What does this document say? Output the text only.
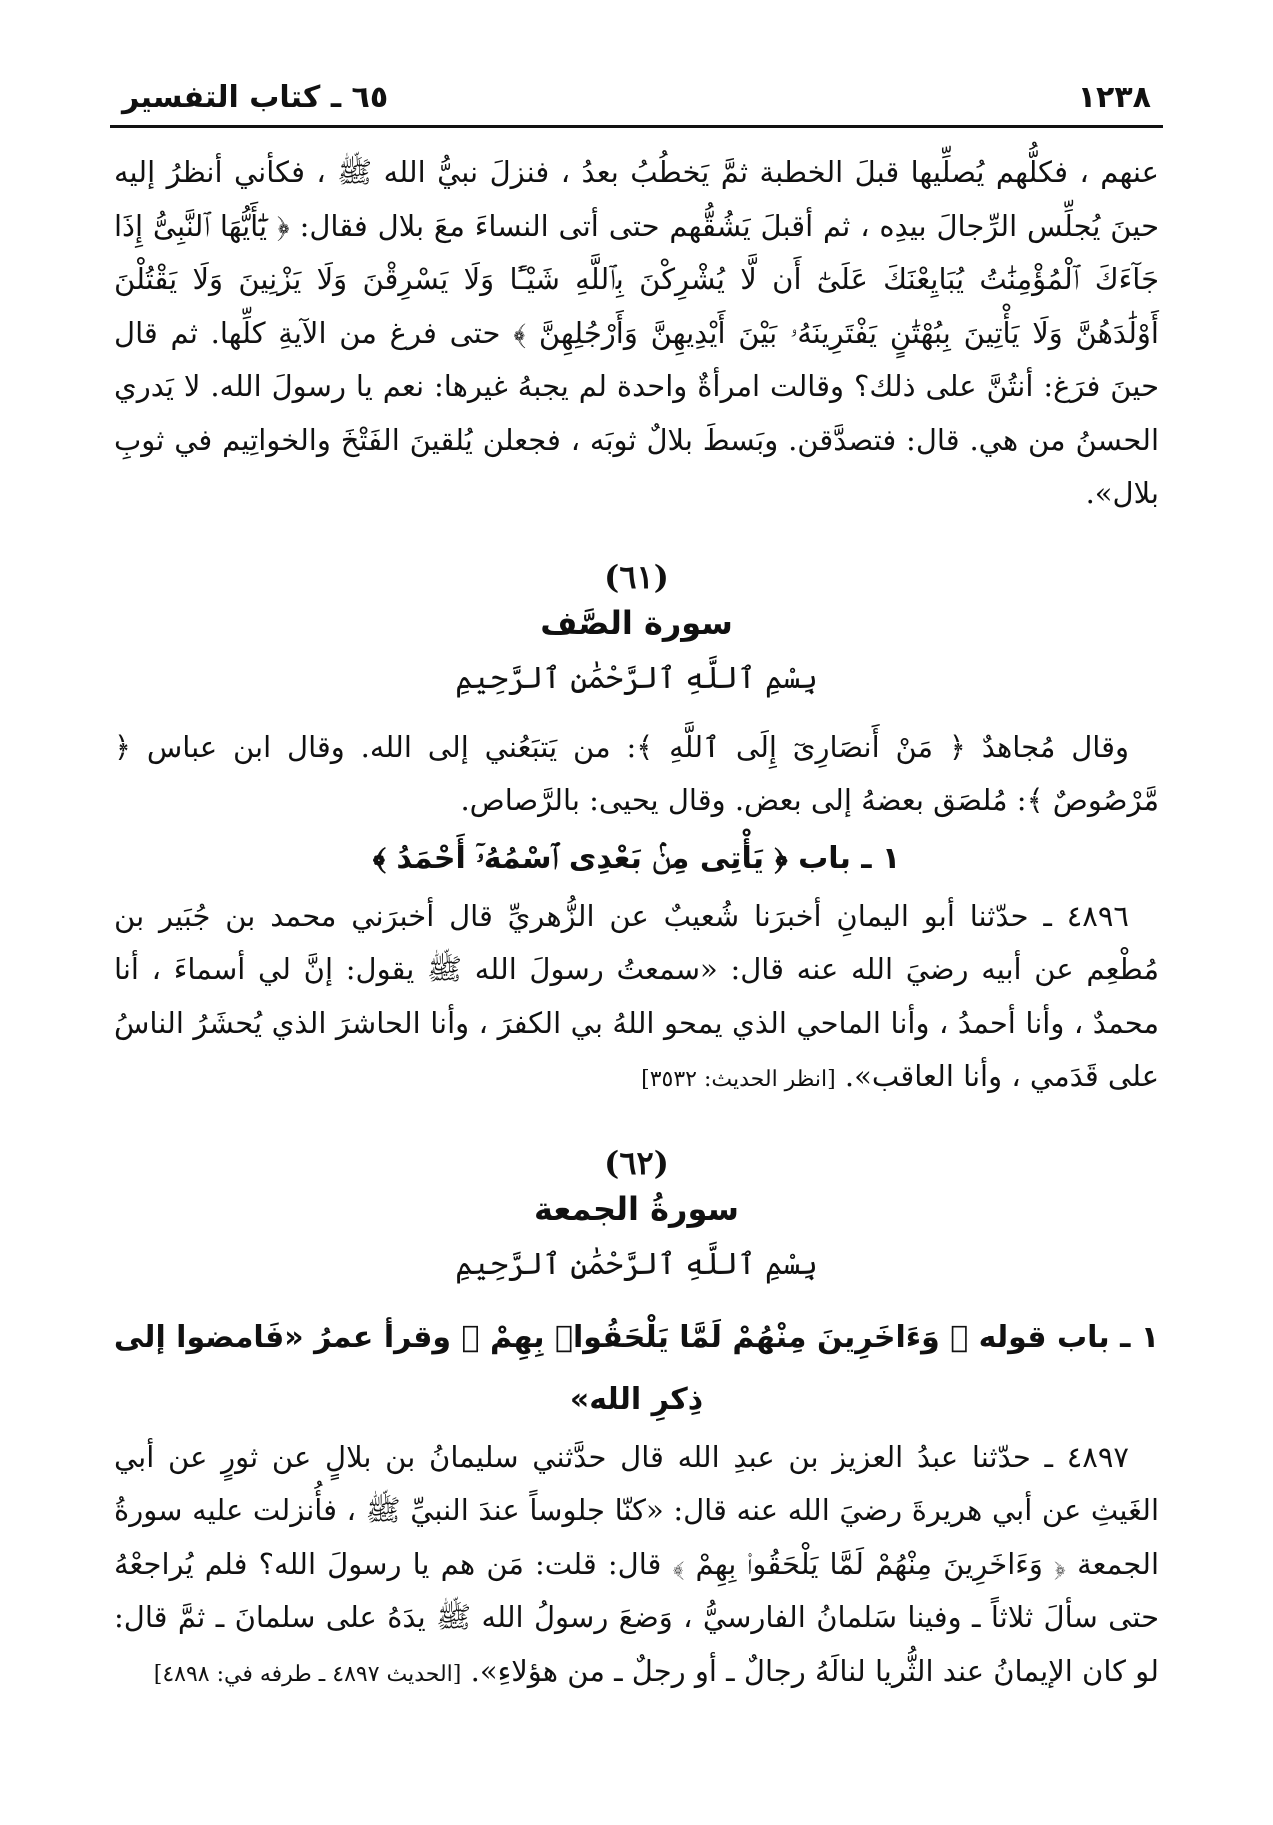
١٢٣٨
٦٥ ـ كتاب التفسير

عنهم ، فكلُّهم يُصلِّيها قبلَ الخطبة ثمَّ يَخطُبُ بعدُ ، فنزلَ نبيُّ الله ﷺ ، فكأني أنظرُ إليه حينَ يُجلِّس الرِّجالَ بيدِه ، ثم أقبلَ يَشُقُّهم حتى أتى النساءَ معَ بلال فقال: ﴿ يَٰٓأَيُّهَا ٱلنَّبِىُّ إِذَا جَآءَكَ ٱلْمُؤْمِنَٰتُ يُبَايِعْنَكَ عَلَىٰٓ أَن لَّا يُشْرِكْنَ بِٱللَّهِ شَيْـًٔا وَلَا يَسْرِقْنَ وَلَا يَزْنِينَ وَلَا يَقْتُلْنَ أَوْلَٰدَهُنَّ وَلَا يَأْتِينَ بِبُهْتَٰنٍ يَفْتَرِينَهُۥ بَيْنَ أَيْدِيهِنَّ وَأَرْجُلِهِنَّ ﴾ حتى فرغ من الآيةِ كلِّها. ثم قال حينَ فرَغ: أنتُنَّ على ذلك؟ وقالت امرأةٌ واحدة لم يجبهُ غيرها: نعم يا رسولَ الله. لا يَدري الحسنُ من هي. قال: فتصدَّقن. وبَسطَ بلالٌ ثوبَه ، فجعلن يُلقينَ الفَتْخَ والخواتِيم في ثوبِ بلال».

(٦١)
سورة الصَّف
بِسْمِ ٱللَّهِ ٱلرَّحْمَٰنِ ٱلرَّحِيمِ

وقال مُجاهدٌ ﴿ مَنْ أَنصَارِىٓ إِلَى ٱللَّهِ ﴾: من يَتبَعُني إلى الله. وقال ابن عباس ﴿ مَّرْصُوصٌ ﴾: مُلصَق بعضهُ إلى بعض. وقال يحيى: بالرَّصاص.

١ ـ باب ﴿ يَأْتِى مِنۢ بَعْدِى ٱسْمُهُۥٓ أَحْمَدُ ﴾

٤٨٩٦ ـ حدّثنا أبو اليمانِ أخبرَنا شُعيبٌ عن الزُّهريِّ قال أخبرَني محمد بن جُبَير بن مُطْعِم عن أبيه رضيَ الله عنه قال: «سمعتُ رسولَ الله ﷺ يقول: إنَّ لي أسماءَ ، أنا محمدٌ ، وأنا أحمدُ ، وأنا الماحي الذي يمحو اللهُ بي الكفرَ ، وأنا الحاشرَ الذي يُحشَرُ الناسُ على قَدَمي ، وأنا العاقب». [انظر الحديث: ٣٥٣٢]

(٦٢)
سورةُ الجمعة
بِسْمِ ٱللَّهِ ٱلرَّحْمَٰنِ ٱلرَّحِيمِ
١ ـ باب قوله ﴿ وَءَاخَرِينَ مِنْهُمْ لَمَّا يَلْحَقُوا۟ بِهِمْ ﴾ وقرأ عمرُ «فَامضوا إلى ذِكرِ الله»

٤٨٩٧ ـ حدّثنا عبدُ العزيز بن عبدِ الله قال حدَّثني سليمانُ بن بلالٍ عن ثورٍ عن أبي الغَيثِ عن أبي هريرةَ رضيَ الله عنه قال: «كنّا جلوساً عندَ النبيِّ ﷺ ، فأُنزلت عليه سورةُ الجمعة ﴿ وَءَاخَرِينَ مِنْهُمْ لَمَّا يَلْحَقُوا۟ بِهِمْ ﴾ قال: قلت: مَن هم يا رسولَ الله؟ فلم يُراجعْهُ حتى سألَ ثلاثاً ـ وفينا سَلمانُ الفارسيُّ ، وَضعَ رسولُ الله ﷺ يدَهُ على سلمانَ ـ ثمَّ قال: لو كان الإيمانُ عند الثُّريا لنالَهُ رجالٌ ـ أو رجلٌ ـ من هؤلاءِ». [الحديث ٤٨٩٧ ـ طرفه في: ٤٨٩٨]
